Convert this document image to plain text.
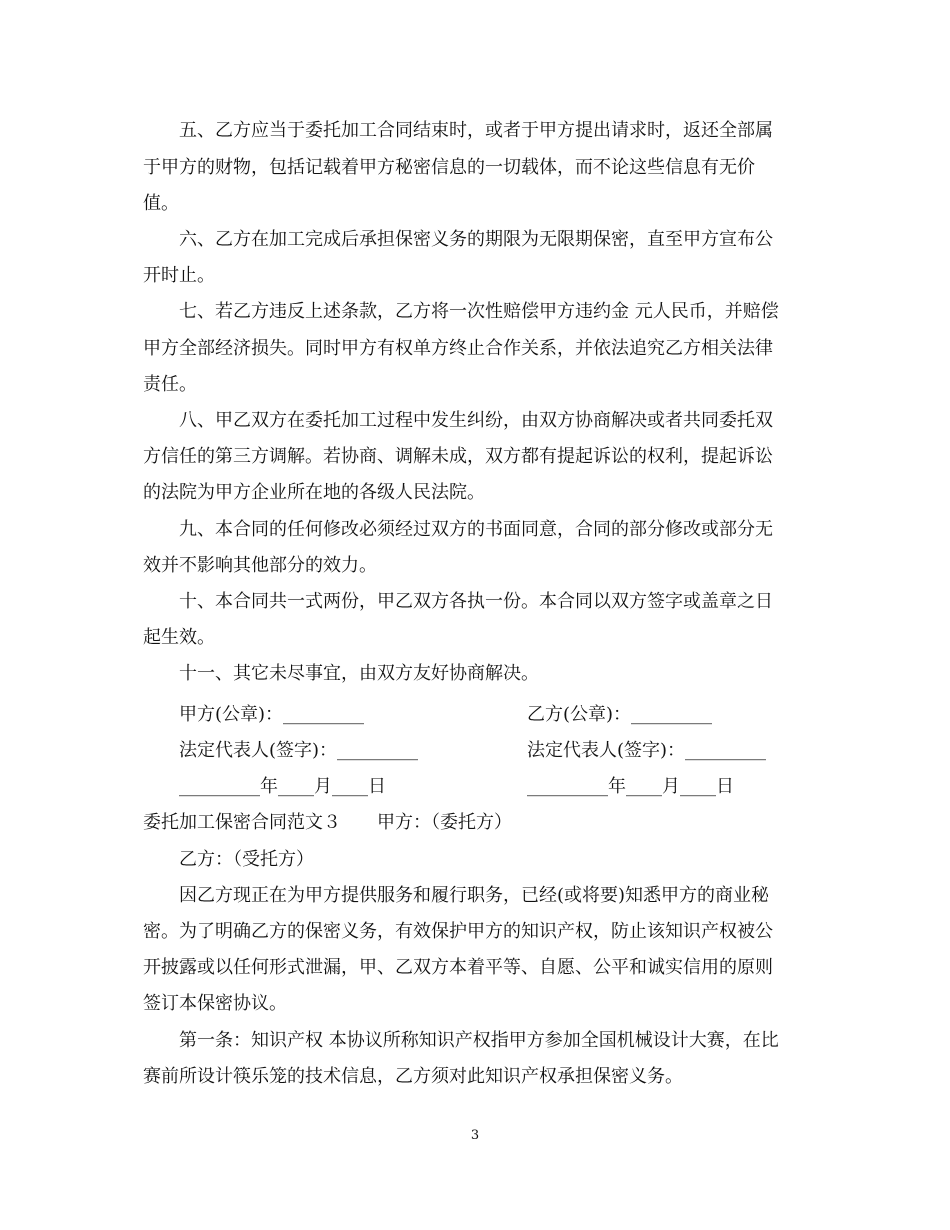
五、乙方应当于委托加工合同结束时，或者于甲方提出请求时，返还全部属
于甲方的财物，包括记载着甲方秘密信息的一切载体，而不论这些信息有无价
值。
六、乙方在加工完成后承担保密义务的期限为无限期保密，直至甲方宣布公
开时止。
七、若乙方违反上述条款，乙方将一次性赔偿甲方违约金 元人民币，并赔偿
甲方全部经济损失。同时甲方有权单方终止合作关系，并依法追究乙方相关法律
责任。
八、甲乙双方在委托加工过程中发生纠纷，由双方协商解决或者共同委托双
方信任的第三方调解。若协商、调解未成，双方都有提起诉讼的权利，提起诉讼
的法院为甲方企业所在地的各级人民法院。
九、本合同的任何修改必须经过双方的书面同意，合同的部分修改或部分无
效并不影响其他部分的效力。
十、本合同共一式两份，甲乙双方各执一份。本合同以双方签字或盖章之日
起生效。
十一、其它未尽事宜，由双方友好协商解决。
甲方(公章)：_________	乙方(公章)：_________
法定代表人(签字)：_________	法定代表人(签字)：_________
_________年____月____日	_________年____月____日
委托加工保密合同范文３　　甲方：（委托方）
乙方：（受托方）
因乙方现正在为甲方提供服务和履行职务，已经(或将要)知悉甲方的商业秘
密。为了明确乙方的保密义务，有效保护甲方的知识产权，防止该知识产权被公
开披露或以任何形式泄漏，甲、乙双方本着平等、自愿、公平和诚实信用的原则
签订本保密协议。
第一条：知识产权 本协议所称知识产权指甲方参加全国机械设计大赛，在比
赛前所设计筷乐笼的技术信息，乙方须对此知识产权承担保密义务。
3
